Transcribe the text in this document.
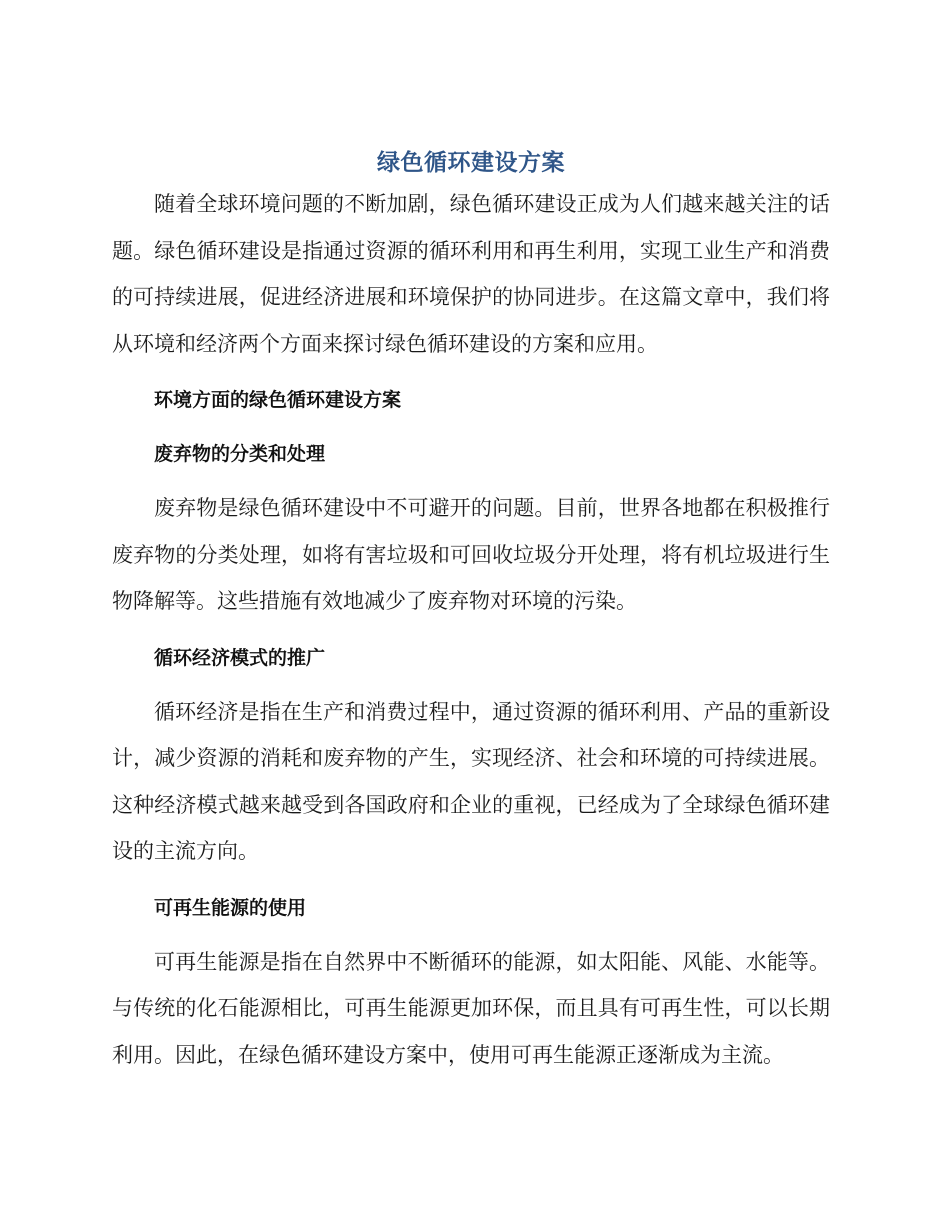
绿色循环建设方案

随着全球环境问题的不断加剧，绿色循环建设正成为人们越来越关注的话题。绿色循环建设是指通过资源的循环利用和再生利用，实现工业生产和消费的可持续进展，促进经济进展和环境保护的协同进步。在这篇文章中，我们将从环境和经济两个方面来探讨绿色循环建设的方案和应用。

环境方面的绿色循环建设方案
废弃物的分类和处理

废弃物是绿色循环建设中不可避开的问题。目前，世界各地都在积极推行废弃物的分类处理，如将有害垃圾和可回收垃圾分开处理，将有机垃圾进行生物降解等。这些措施有效地减少了废弃物对环境的污染。

循环经济模式的推广

循环经济是指在生产和消费过程中，通过资源的循环利用、产品的重新设计，减少资源的消耗和废弃物的产生，实现经济、社会和环境的可持续进展。这种经济模式越来越受到各国政府和企业的重视，已经成为了全球绿色循环建设的主流方向。

可再生能源的使用

可再生能源是指在自然界中不断循环的能源，如太阳能、风能、水能等。与传统的化石能源相比，可再生能源更加环保，而且具有可再生性，可以长期利用。因此，在绿色循环建设方案中，使用可再生能源正逐渐成为主流。
